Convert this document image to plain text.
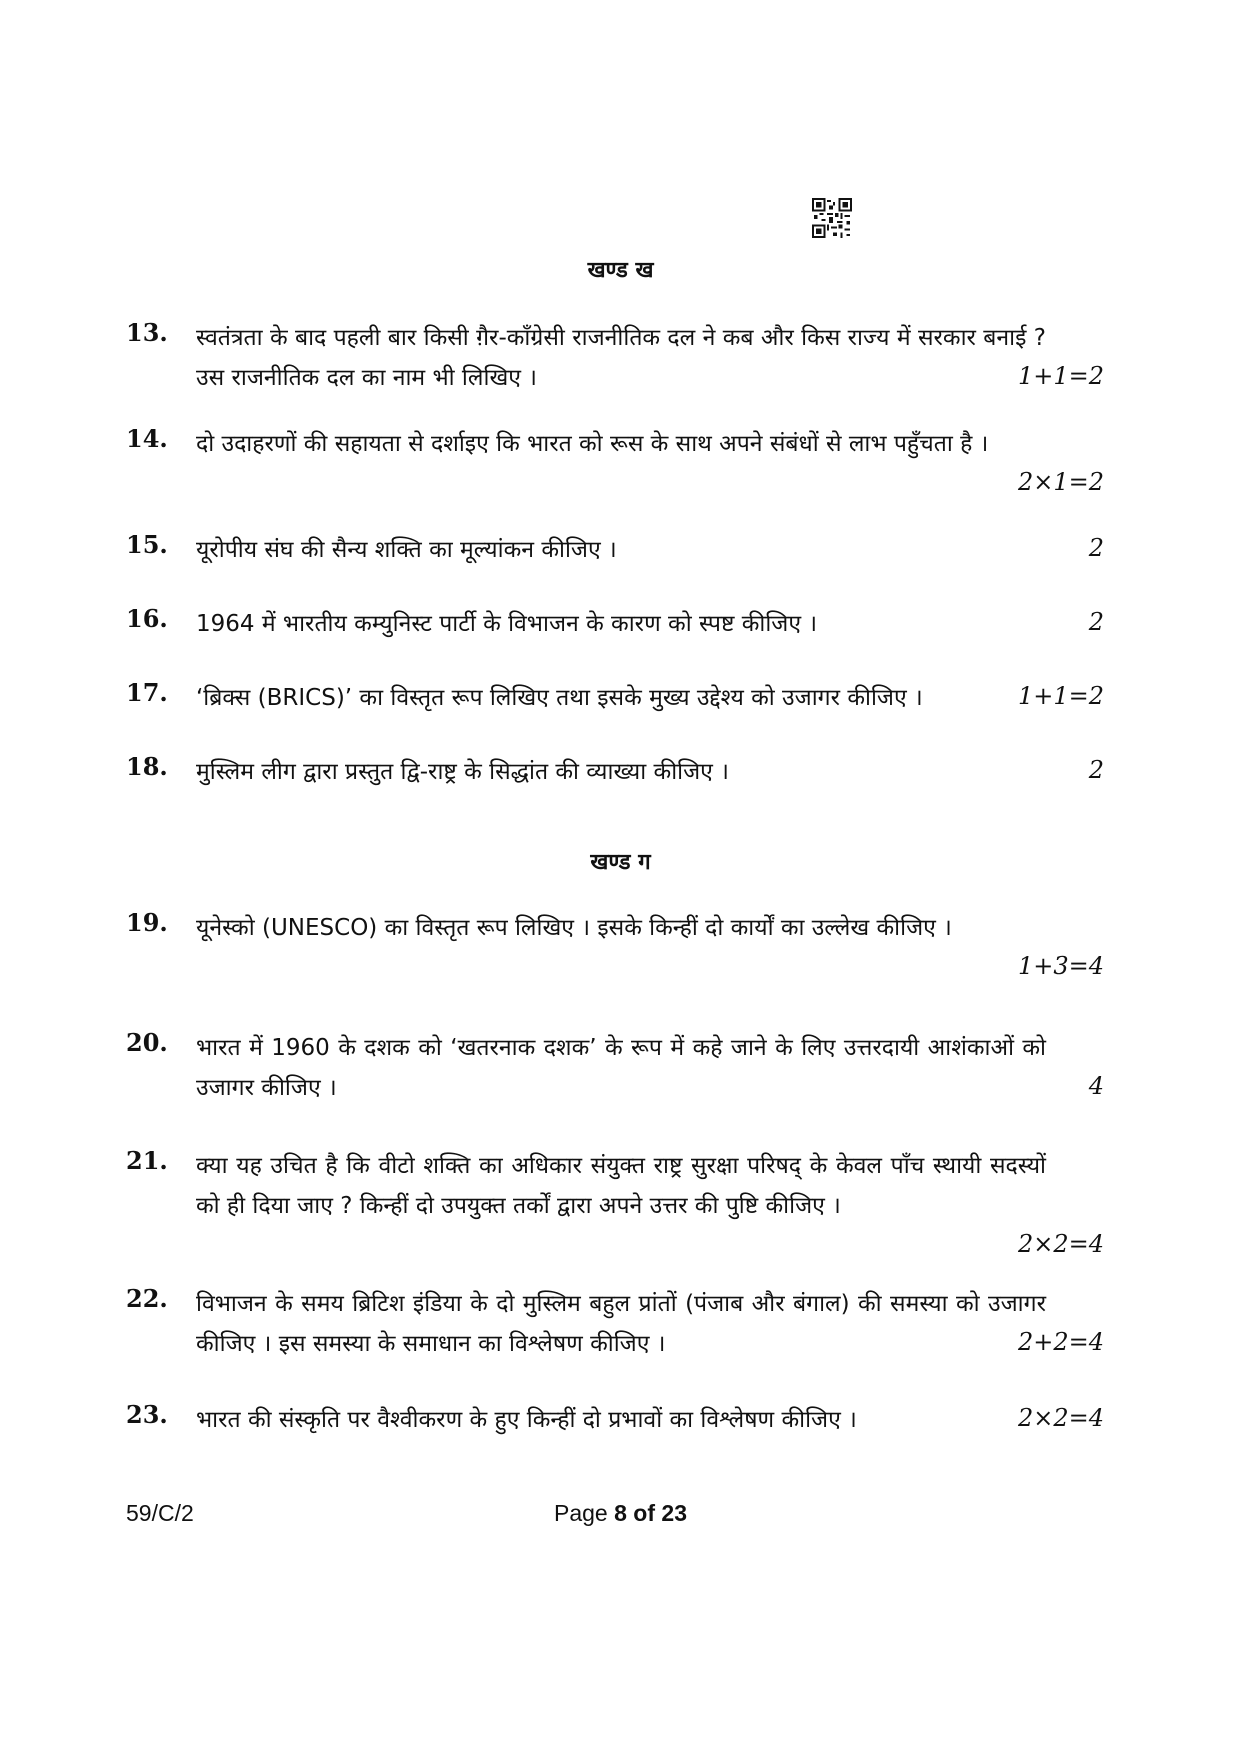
खण्ड ख
13. स्वतंत्रता के बाद पहली बार किसी ग़ैर-काँग्रेसी राजनीतिक दल ने कब और किस राज्य में सरकार बनाई ? उस राजनीतिक दल का नाम भी लिखिए ।	1+1=2
14. दो उदाहरणों की सहायता से दर्शाइए कि भारत को रूस के साथ अपने संबंधों से लाभ पहुँचता है ।
2×1=2
15. यूरोपीय संघ की सैन्य शक्ति का मूल्यांकन कीजिए ।	2
16. 1964 में भारतीय कम्युनिस्ट पार्टी के विभाजन के कारण को स्पष्ट कीजिए ।	2
17. ‘ब्रिक्स (BRICS)’ का विस्तृत रूप लिखिए तथा इसके मुख्य उद्देश्य को उजागर कीजिए ।	1+1=2
18. मुस्लिम लीग द्वारा प्रस्तुत द्वि-राष्ट्र के सिद्धांत की व्याख्या कीजिए ।	2
खण्ड ग
19. यूनेस्को (UNESCO) का विस्तृत रूप लिखिए । इसके किन्हीं दो कार्यों का उल्लेख कीजिए ।
1+3=4
20. भारत में 1960 के दशक को ‘खतरनाक दशक’ के रूप में कहे जाने के लिए उत्तरदायी आशंकाओं को उजागर कीजिए ।	4
21. क्या यह उचित है कि वीटो शक्ति का अधिकार संयुक्त राष्ट्र सुरक्षा परिषद् के केवल पाँच स्थायी सदस्यों को ही दिया जाए ? किन्हीं दो उपयुक्त तर्कों द्वारा अपने उत्तर की पुष्टि कीजिए ।
2×2=4
22. विभाजन के समय ब्रिटिश इंडिया के दो मुस्लिम बहुल प्रांतों (पंजाब और बंगाल) की समस्या को उजागर कीजिए । इस समस्या के समाधान का विश्लेषण कीजिए ।	2+2=4
23. भारत की संस्कृति पर वैश्वीकरण के हुए किन्हीं दो प्रभावों का विश्लेषण कीजिए ।	2×2=4
59/C/2	Page 8 of 23
